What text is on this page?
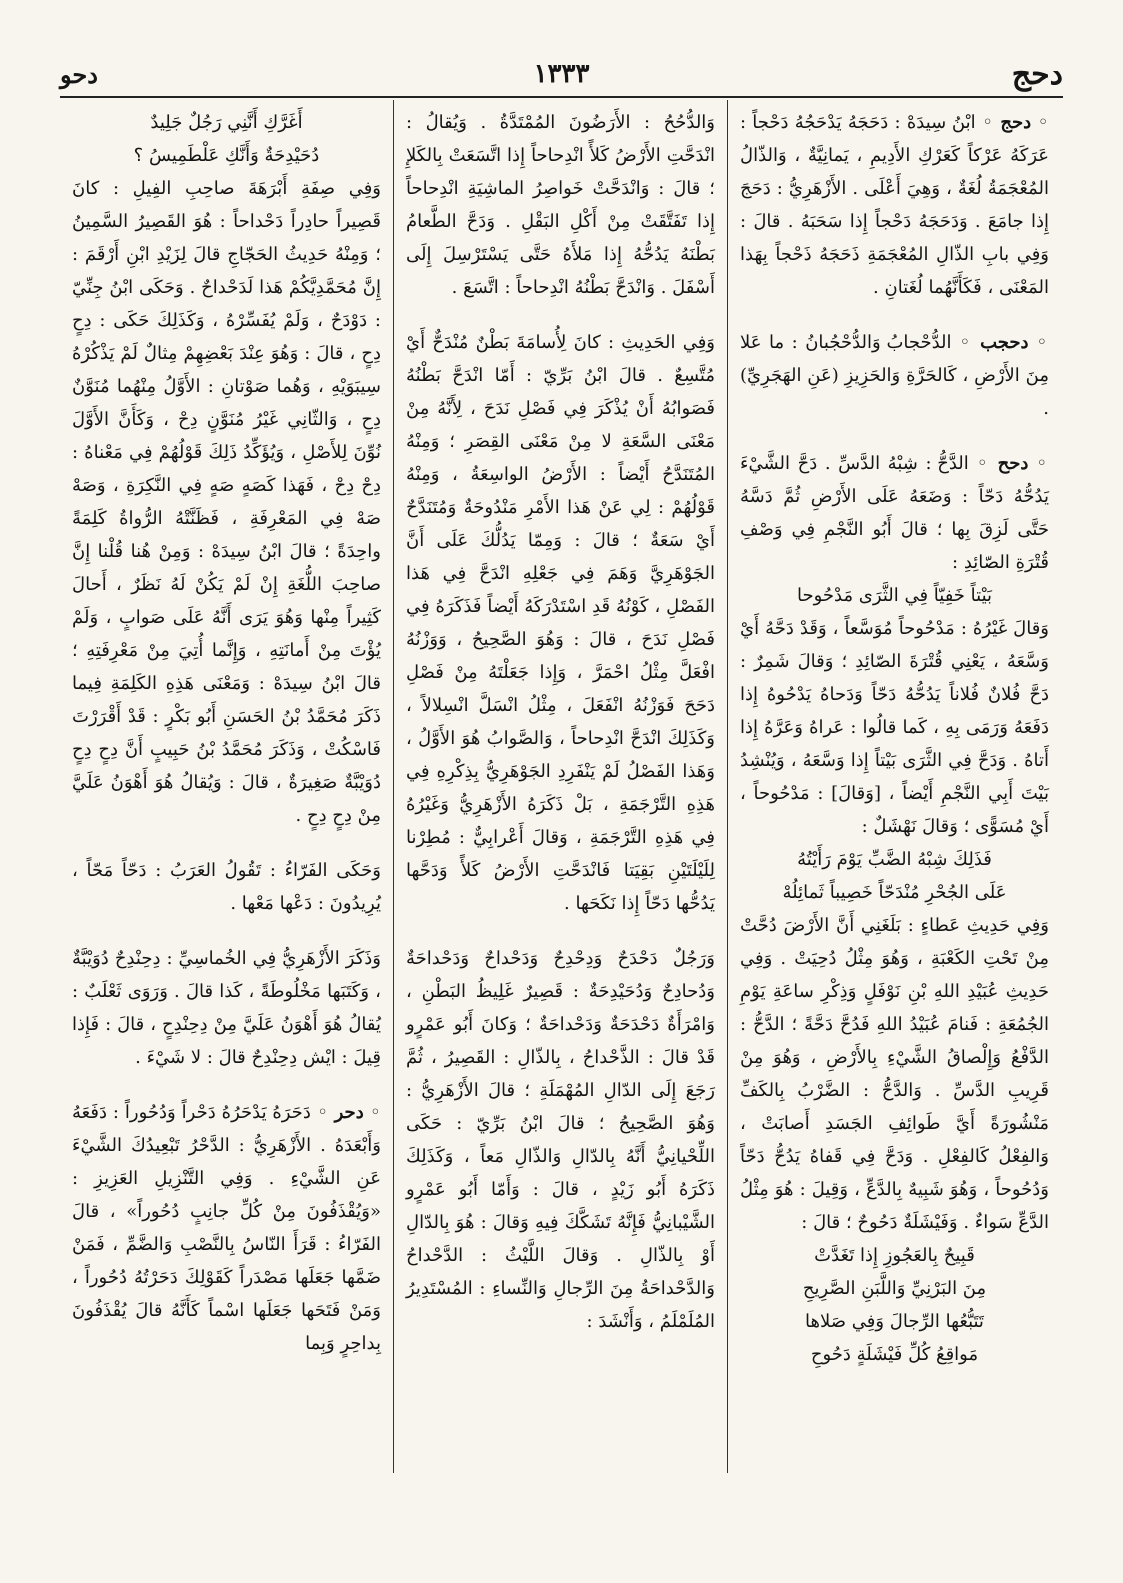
دحج
١٣٣٣
دحو

◦ دحج ◦ ابْنُ سِيدَهْ : دَحَجَهُ يَدْحَجُهُ دَحْجاً : عَرَكَهُ عَرْكاً كَعَرْكِ الأَدِيمِ ، يَمانِيَّةٌ ، وَالذّالُ المُعْجَمَةُ لُغَةٌ ، وَهِيَ أَعْلَى . الأَزْهَرِيُّ : دَحَجَ إِذا جامَعَ . وَدَحَجَهُ دَحْجاً إِذا سَحَبَهُ . قالَ : وَفِي بابِ الذّالِ المُعْجَمَةِ ذَحَجَهُ ذَحْجاً بِهَذا المَعْنَى ، فَكَأَنَّهُما لُغَتانِ .

◦ دحجب ◦ الدُّحْجابُ وَالدُّحْجُبانُ : ما عَلا مِنَ الأَرْضِ ، كَالحَرَّةِ وَالحَزِيزِ (عَنِ الهَجَرِيِّ) .

◦ دحح ◦ الدَّحُّ : شِبْهُ الدَّسِّ . دَحَّ الشَّيْءَ يَدُحُّهُ دَحّاً : وَضَعَهُ عَلَى الأَرْضِ ثُمَّ دَسَّهُ حَتَّى لَزِقَ بِها ؛ قالَ أَبُو النَّجْمِ فِي وَصْفِ قُتْرَةِ الصّائِدِ :

بَيْتاً خَفِيّاً فِي الثَّرَى مَدْحُوحا

وَقالَ غَيْرُهُ : مَدْحُوحاً مُوَسَّعاً ، وَقَدْ دَحَّهُ أَيْ وَسَّعَهُ ، يَعْنِي قُتْرَةَ الصّائِدِ ؛ وَقالَ شَمِرٌ : دَحَّ فُلانٌ فُلاناً يَدُحُّهُ دَحّاً وَدَحاهُ يَدْحُوهُ إِذا دَفَعَهُ وَرَمَى بِهِ ، كَما قالُوا : عَراهُ وَعَرَّهُ إِذا أَتاهُ . وَدَحَّ فِي الثَّرَى بَيْتاً إِذا وَسَّعَهُ ، وَيُنْشِدُ بَيْتَ أَبِي النَّجْمِ أَيْضاً ، [وَقالَ] : مَدْحُوحاً ، أَيْ مُسَوًّى ؛ وَقالَ نَهْشَلٌ :

فَذَلِكَ شِبْهُ الضَّبِّ يَوْمَ رَأَيْتُهُ
عَلَى الجُحْرِ مُنْدَحّاً خَصِيباً ثَمائِلُهْ

وَفِي حَدِيثِ عَطاءٍ : بَلَغَنِي أَنَّ الأَرْضَ دُحَّتْ مِنْ تَحْتِ الكَعْبَةِ ، وَهُوَ مِثْلُ دُحِيَتْ . وَفِي حَدِيثِ عُبَيْدِ اللهِ بْنِ نَوْفَلٍ وَذِكْرِ ساعَةِ يَوْمِ الجُمُعَةِ : فَنامَ عُبَيْدُ اللهِ فَدُحَّ دَحَّةً ؛ الدَّحُّ : الدَّفْعُ وَإِلْصاقُ الشَّيْءِ بِالأَرْضِ ، وَهُوَ مِنْ قَرِيبِ الدَّسِّ . وَالدَّحُّ : الضَّرْبُ بِالكَفِّ مَنْشُورَةً أَيَّ طَوائِفِ الجَسَدِ أَصابَتْ ، وَالفِعْلُ كَالفِعْلِ . وَدَحَّ فِي قَفاهُ يَدُحُّ دَحّاً وَدُحُوحاً ، وَهُوَ شَبِيهٌ بِالدَّعِّ ، وَقِيلَ : هُوَ مِثْلُ الدَّعِّ سَواءٌ . وَفَيْشَلَةٌ دَحُوحٌ ؛ قالَ :

قَبِيحٌ بِالعَجُوزِ إِذا تَغَدَّتْ
مِنَ البَرْنِيِّ وَاللَّبَنِ الصَّرِيحِ
تَتَبُّعُها الرِّجالَ وَفِي صَلاها
مَواقِعُ كُلِّ فَيْشَلَةٍ دَحُوحِ

وَالدُّحُحُ : الأَرَضُونَ المُمْتَدَّةُ . وَيُقالُ : انْدَحَّتِ الأَرْضُ كَلأً انْدِحاحاً إِذا اتَّسَعَتْ بِالكَلإِ ؛ قالَ : وَانْدَحَّتْ خَواصِرُ الماشِيَةِ انْدِحاحاً إِذا تَفَتَّقَتْ مِنْ أَكْلِ البَقْلِ . وَدَحَّ الطَّعامُ بَطْنَهُ يَدُحُّهُ إِذا مَلأَهُ حَتَّى يَسْتَرْسِلَ إِلَى أَسْفَلَ . وَانْدَحَّ بَطْنُهُ انْدِحاحاً : اتَّسَعَ .

وَفِي الحَدِيثِ : كانَ لِأُسامَةَ بَطْنٌ مُنْدَحٌّ أَيْ مُتَّسِعٌ . قالَ ابْنُ بَرِّيّ : أَمّا انْدَحَّ بَطْنُهُ فَصَوابُهُ أَنْ يُذْكَرَ فِي فَصْلِ نَدَحَ ، لِأَنَّهُ مِنْ مَعْنَى السَّعَةِ لا مِنْ مَعْنَى القِصَرِ ؛ وَمِنْهُ المُتَنَدَّحُ أَيْضاً : الأَرْضُ الواسِعَةُ ، وَمِنْهُ قَوْلُهُمْ : لِي عَنْ هَذا الأَمْرِ مَنْدُوحَةٌ وَمُتَنَدَّحٌ أَيْ سَعَةٌ ؛ قالَ : وَمِمّا يَدُلُّكَ عَلَى أَنَّ الجَوْهَرِيَّ وَهَمَ فِي جَعْلِهِ انْدَحَّ فِي هَذا الفَصْلِ ، كَوْنُهُ قَدِ اسْتَدْرَكَهُ أَيْضاً فَذَكَرَهُ فِي فَصْلِ نَدَحَ ، قالَ : وَهُوَ الصَّحِيحُ ، وَوَزْنُهُ افْعَلَّ مِثْلُ احْمَرَّ ، وَإِذا جَعَلْتَهُ مِنْ فَصْلِ دَحَحَ فَوَزْنُهُ انْفَعَلَ ، مِثْلُ انْسَلَّ انْسِلالاً ، وَكَذَلِكَ انْدَحَّ انْدِحاحاً ، وَالصَّوابُ هُوَ الأَوَّلُ ، وَهَذا الفَصْلُ لَمْ يَنْفَرِدِ الجَوْهَرِيُّ بِذِكْرِهِ فِي هَذِهِ التَّرْجَمَةِ ، بَلْ ذَكَرَهُ الأَزْهَرِيُّ وَغَيْرُهُ فِي هَذِهِ التَّرْجَمَةِ ، وَقالَ أَعْرابِيٌّ : مُطِرْنا لِلَيْلَتَيْنِ بَقِيَتا فَانْدَحَّتِ الأَرْضُ كَلأً وَدَحَّها يَدُحُّها دَحّاً إِذا نَكَحَها .

وَرَجُلٌ دَحْدَحٌ وَدِحْدِحٌ وَدَحْداحٌ وَدَحْداحَةٌ وَدُحادِحٌ وَدُحَيْدِحَةٌ : قَصِيرٌ غَلِيظُ البَطْنِ ، وَامْرَأَةٌ دَحْدَحَةٌ وَدَحْداحَةٌ ؛ وَكانَ أَبُو عَمْرٍو قَدْ قالَ : الذَّحْداحُ ، بِالذّالِ : القَصِيرُ ، ثُمَّ رَجَعَ إِلَى الدّالِ المُهْمَلَةِ ؛ قالَ الأَزْهَرِيُّ : وَهُوَ الصَّحِيحُ ؛ قالَ ابْنُ بَرِّيّ : حَكَى اللِّحْيانِيُّ أَنَّهُ بِالدّالِ وَالذّالِ مَعاً ، وَكَذَلِكَ ذَكَرَهُ أَبُو زَيْدٍ ، قالَ : وَأَمّا أَبُو عَمْرٍو الشَّيْبانِيُّ فَإِنَّهُ تَشَكَّكَ فِيهِ وَقالَ : هُوَ بِالدّالِ أَوْ بِالذّالِ . وَقالَ اللَّيْثُ : الدَّحْداحُ وَالدَّحْداحَةُ مِنَ الرِّجالِ وَالنِّساءِ : المُسْتَدِيرُ المُلَمْلَمُ ، وَأَنْشَدَ :

أَغَرَّكِ أَنَّنِي رَجُلٌ جَلِيدٌ
دُحَيْدِحَةٌ وَأَنَّكِ عَلْطَمِيسُ ؟

وَفِي صِفَةِ أَبْرَهَةَ صاحِبِ الفِيلِ : كانَ قَصِيراً حادِراً دَحْداحاً : هُوَ القَصِيرُ السَّمِينُ ؛ وَمِنْهُ حَدِيثُ الحَجّاجِ قالَ لِزَيْدِ ابْنِ أَرْقَمَ : إِنَّ مُحَمَّدِيَّكُمْ هَذا لَدَحْداحٌ . وَحَكَى ابْنُ جِنِّيّ : دَوْدَحٌ ، وَلَمْ يُفَسِّرْهُ ، وَكَذَلِكَ حَكَى : دِحٍ دِحٍ ، قالَ : وَهُوَ عِنْدَ بَعْضِهِمْ مِثالٌ لَمْ يَذْكُرْهُ سِيبَوَيْهِ ، وَهُما صَوْتانِ : الأَوَّلُ مِنْهُما مُنَوَّنٌ دِحٍ ، وَالثّانِي غَيْرُ مُنَوَّنٍ دِحْ ، وَكَأَنَّ الأَوَّلَ نُوِّنَ لِلأَصْلِ ، وَيُؤَكِّدُ ذَلِكَ قَوْلُهُمْ فِي مَعْناهُ : دِحْ دِحْ ، فَهَذا كَصَهٍ صَهٍ فِي النَّكِرَةِ ، وَصَهْ صَهْ فِي المَعْرِفَةِ ، فَظَنَّتْهُ الرُّواةُ كَلِمَةً واحِدَةً ؛ قالَ ابْنُ سِيدَهْ : وَمِنْ هُنا قُلْنا إِنَّ صاحِبَ اللُّغَةِ إِنْ لَمْ يَكُنْ لَهُ نَظَرٌ ، أَحالَ كَثِيراً مِنْها وَهُوَ يَرَى أَنَّهُ عَلَى صَوابٍ ، وَلَمْ يُؤْتَ مِنْ أَمانَتِهِ ، وَإِنَّما أُتِيَ مِنْ مَعْرِفَتِهِ ؛ قالَ ابْنُ سِيدَهْ : وَمَعْنَى هَذِهِ الكَلِمَةِ فِيما ذَكَرَ مُحَمَّدُ بْنُ الحَسَنِ أَبُو بَكْرٍ : قَدْ أَقْرَرْتَ فَاسْكُتْ ، وَذَكَرَ مُحَمَّدُ بْنُ حَبِيبٍ أَنَّ دِحٍ دِحٍ دُوَيْبَّةٌ صَغِيرَةٌ ، قالَ : وَيُقالُ هُوَ أَهْوَنُ عَلَيَّ مِنْ دِحٍ دِحٍ .

وَحَكَى الفَرّاءُ : تَقُولُ العَرَبُ : دَحّاً مَحّاً ، يُرِيدُونَ : دَعْها مَعْها .

وَذَكَرَ الأَزْهَرِيُّ فِي الخُماسِيِّ : دِحِنْدِحٌ دُوَيْبَّةٌ ، وَكَتَبَها مَخْلُوطَةً ، كَذا قالَ . وَرَوَى ثَعْلَبٌ : يُقالُ هُوَ أَهْوَنُ عَلَيَّ مِنْ دِحِنْدِحٍ ، قالَ : فَإِذا قِيلَ : ايْش دِحِنْدِحٌ قالَ : لا شَيْءَ .

◦ دحر ◦ دَحَرَهُ يَدْحَرُهُ دَحْراً وَدُحُوراً : دَفَعَهُ وَأَبْعَدَهُ . الأَزْهَرِيُّ : الدَّحْرُ تَبْعِيدُكَ الشَّيْءَ عَنِ الشَّيْءِ . وَفِي التَّنْزِيلِ العَزِيزِ : «وَيُقْذَفُونَ مِنْ كُلِّ جانِبٍ دُحُوراً» ، قالَ الفَرّاءُ : قَرَأَ النّاسُ بِالنَّصْبِ وَالضَّمِّ ، فَمَنْ ضَمَّها جَعَلَها مَصْدَراً كَقَوْلِكَ دَحَرْتُهُ دُحُوراً ، وَمَنْ فَتَحَها جَعَلَها اسْماً كَأَنَّهُ قالَ يُقْذَفُونَ بِداحِرٍ وَبِما
